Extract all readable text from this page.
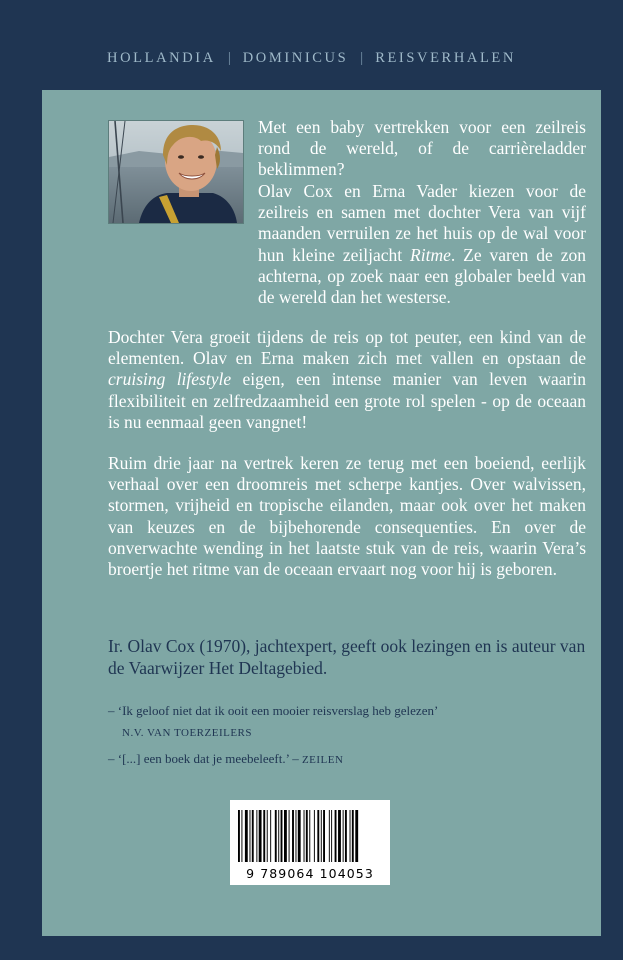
HOLLANDIA | DOMINICUS | REISVERHALEN

Met een baby vertrekken voor een zeilreis rond de wereld, of de carrièreladder beklimmen?

Olav Cox en Erna Vader kiezen voor de zeilreis en samen met dochter Vera van vijf maanden verruilen ze het huis op de wal voor hun kleine zeiljacht Ritme. Ze varen de zon achterna, op zoek naar een globaler beeld van de wereld dan het westerse.

Dochter Vera groeit tijdens de reis op tot peuter, een kind van de elementen. Olav en Erna maken zich met vallen en opstaan de cruising lifestyle eigen, een intense manier van leven waarin flexibiliteit en zelfredzaamheid een grote rol spelen - op de oceaan is nu eenmaal geen vangnet!

Ruim drie jaar na vertrek keren ze terug met een boeiend, eerlijk verhaal over een droomreis met scherpe kantjes. Over walvissen, stormen, vrijheid en tropische eilanden, maar ook over het maken van keuzes en de bijbehorende consequenties. En over de onverwachte wending in het laatste stuk van de reis, waarin Vera’s broertje het ritme van de oceaan ervaart nog voor hij is geboren.

Ir. Olav Cox (1970), jachtexpert, geeft ook lezingen en is auteur van de Vaarwijzer Het Deltagebied.
– ‘Ik geloof niet dat ik ooit een mooier reisverslag heb gelezen’
N.V. VAN TOERZEILERS
– ‘[...] een boek dat je meebeleeft.’ – ZEILEN
9 789064 104053
